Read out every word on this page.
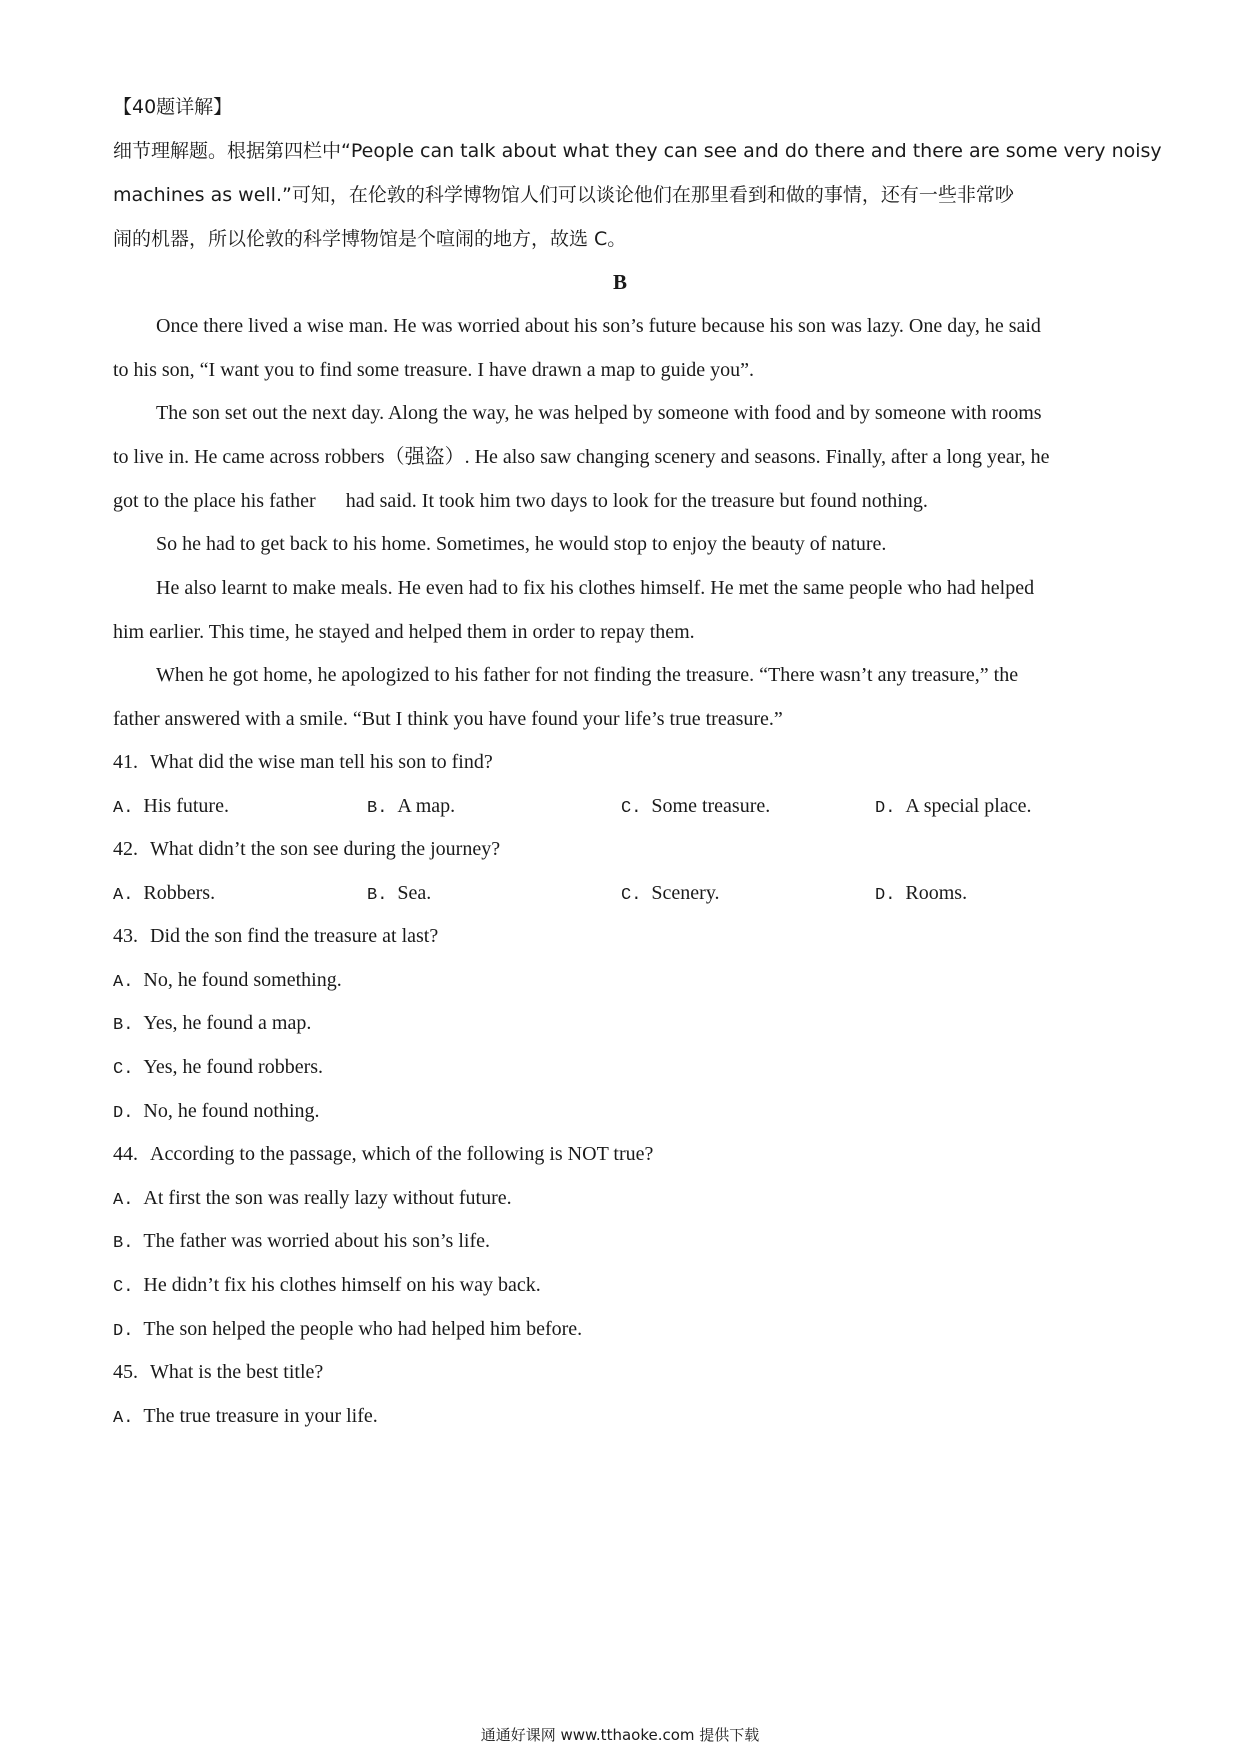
【40题详解】
细节理解题。根据第四栏中“People can talk about what they can see and do there and there are some very noisy
machines as well.”可知，在伦敦的科学博物馆人们可以谈论他们在那里看到和做的事情，还有一些非常吵
闹的机器，所以伦敦的科学博物馆是个喧闹的地方，故选 C。
B
Once there lived a wise man. He was worried about his son’s future because his son was lazy. One day, he said
to his son, “I want you to find some treasure. I have drawn a map to guide you”.
The son set out the next day. Along the way, he was helped by someone with food and by someone with rooms
to live in. He came across robbers（强盗）. He also saw changing scenery and seasons. Finally, after a long year, he
got to the place his father      had said. It took him two days to look for the treasure but found nothing.
So he had to get back to his home. Sometimes, he would stop to enjoy the beauty of nature.
He also learnt to make meals. He even had to fix his clothes himself. He met the same people who had helped
him earlier. This time, he stayed and helped them in order to repay them.
When he got home, he apologized to his father for not finding the treasure. “There wasn’t any treasure,” the
father answered with a smile. “But I think you have found your life’s true treasure.”
41. What did the wise man tell his son to find?
A. His future.	B. A map.	C. Some treasure.	D. A special place.
42. What didn’t the son see during the journey?
A. Robbers.	B. Sea.	C. Scenery.	D. Rooms.
43. Did the son find the treasure at last?
A. No, he found something.
B. Yes, he found a map.
C. Yes, he found robbers.
D. No, he found nothing.
44. According to the passage, which of the following is NOT true?
A. At first the son was really lazy without future.
B. The father was worried about his son’s life.
C. He didn’t fix his clothes himself on his way back.
D. The son helped the people who had helped him before.
45. What is the best title?
A. The true treasure in your life.
通通好课网 www.tthaoke.com 提供下载
